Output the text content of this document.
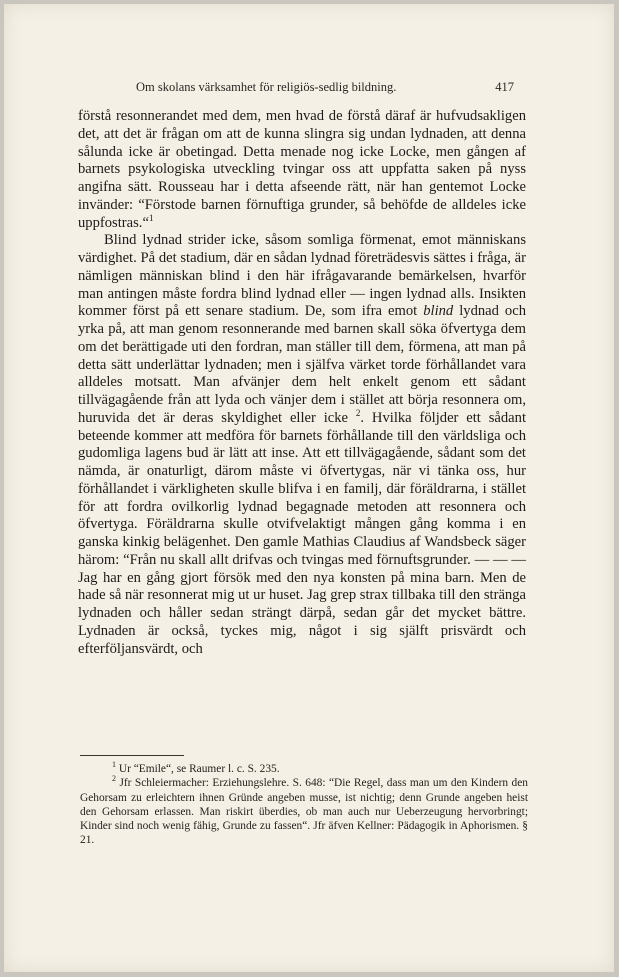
Om skolans värksamhet för religiös-sedlig bildning.	417

förstå resonnerandet med dem, men hvad de förstå däraf är hufvudsakligen det, att det är frågan om att de kunna slingra sig undan lydnaden, att denna sålunda icke är obetingad. Detta menade nog icke Locke, men gången af barnets psykologiska utveckling tvingar oss att uppfatta saken på nyss angifna sätt. Rousseau har i detta afseende rätt, när han gentemot Locke invänder: “Förstode barnen förnuftiga grunder, så behöfde de alldeles icke uppfostras.“$^1$

Blind lydnad strider icke, såsom somliga förmenat, emot människans värdighet. På det stadium, där en sådan lydnad företrädesvis sättes i fråga, är nämligen människan blind i den här ifrågavarande bemärkelsen, hvarför man antingen måste fordra blind lydnad eller — ingen lydnad alls. Insikten kommer först på ett senare stadium. De, som ifra emot blind lydnad och yrka på, att man genom resonnerande med barnen skall söka öfvertyga dem om det berättigade uti den fordran, man ställer till dem, förmena, att man på detta sätt underlättar lydnaden; men i själfva värket torde förhållandet vara alldeles motsatt. Man afvänjer dem helt enkelt genom ett sådant tillvägagående från att lyda och vänjer dem i stället att börja resonnera om, huruvida det är deras skyldighet eller icke $^2$. Hvilka följder ett sådant beteende kommer att medföra för barnets förhållande till den världsliga och gudomliga lagens bud är lätt att inse. Att ett tillvägagående, sådant som det nämda, är onaturligt, därom måste vi öfvertygas, när vi tänka oss, hur förhållandet i värkligheten skulle blifva i en familj, där föräldrarna, i stället för att fordra ovilkorlig lydnad begagnade metoden att resonnera och öfvertyga. Föräldrarna skulle otvifvelaktigt mången gång komma i en ganska kinkig belägenhet. Den gamle Mathias Claudius af Wandsbeck säger härom: “Från nu skall allt drifvas och tvingas med förnuftsgrunder. — — — Jag har en gång gjort försök med den nya konsten på mina barn. Men de hade så när resonnerat mig ut ur huset. Jag grep strax tillbaka till den stränga lydnaden och håller sedan strängt därpå, sedan går det mycket bättre. Lydnaden är också, tyckes mig, något i sig själft prisvärdt och efterföljansvärdt, och

$^1$ Ur “Emile“, se Raumer l. c. S. 235.

$^2$ Jfr Schleiermacher: Erziehungslehre. S. 648: “Die Regel, dass man um den Kindern den Gehorsam zu erleichtern ihnen Gründe angeben musse, ist nichtig; denn Grunde angeben heist den Gehorsam erlassen. Man riskirt überdies, ob man auch nur Ueberzeugung hervorbringt; Kinder sind noch wenig fähig, Grunde zu fassen“. Jfr äfven Kellner: Pädagogik in Aphorismen. § 21.
